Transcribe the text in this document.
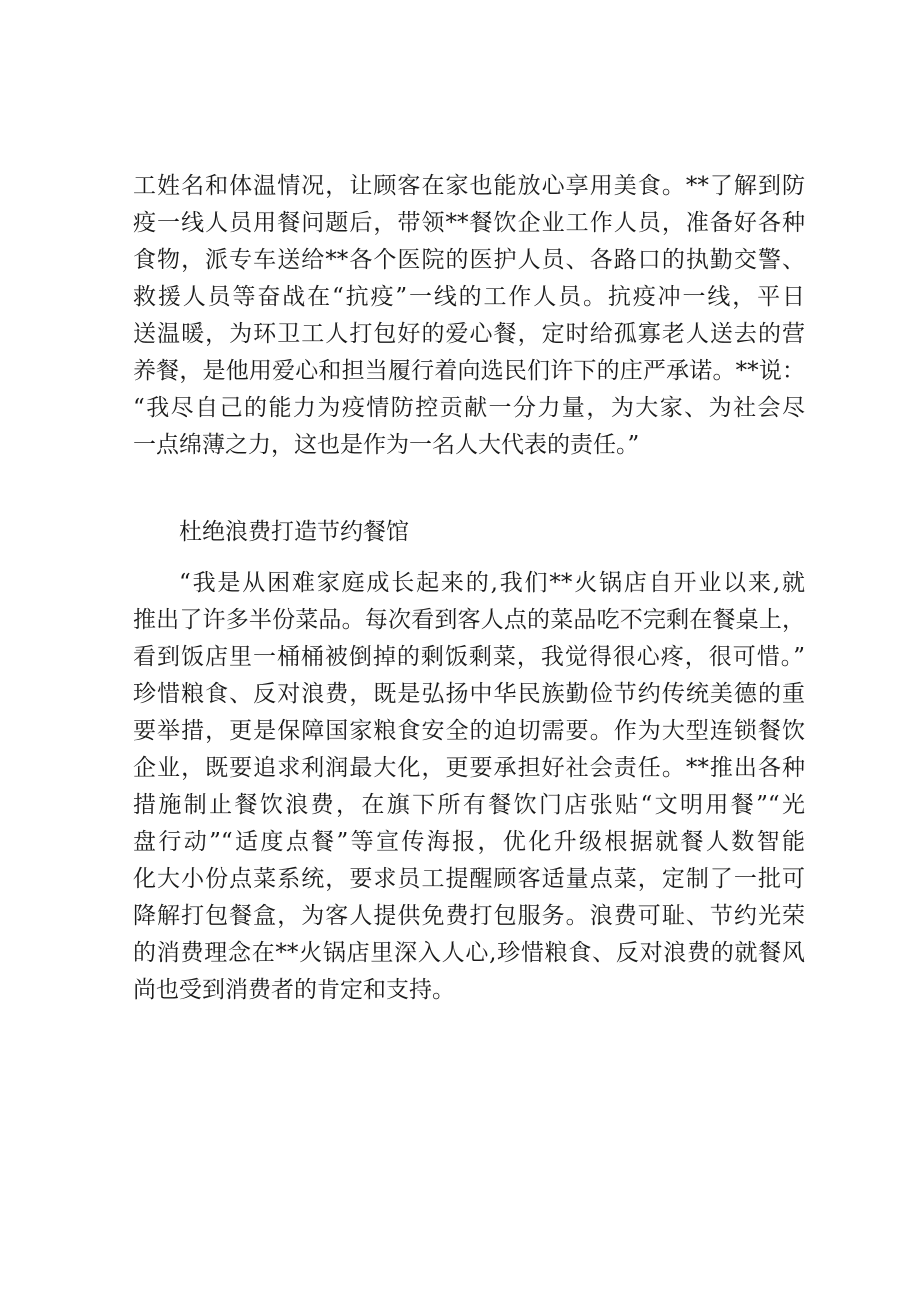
工姓名和体温情况，让顾客在家也能放心享用美食。**了解到防
疫一线人员用餐问题后，带领**餐饮企业工作人员，准备好各种
食物，派专车送给**各个医院的医护人员、各路口的执勤交警、
救援人员等奋战在“抗疫”一线的工作人员。抗疫冲一线，平日
送温暖，为环卫工人打包好的爱心餐，定时给孤寡老人送去的营
养餐，是他用爱心和担当履行着向选民们许下的庄严承诺。**说：
“我尽自己的能力为疫情防控贡献一分力量，为大家、为社会尽
一点绵薄之力，这也是作为一名人大代表的责任。”
杜绝浪费打造节约餐馆
“我是从困难家庭成长起来的,我们**火锅店自开业以来,就
推出了许多半份菜品。每次看到客人点的菜品吃不完剩在餐桌上，
看到饭店里一桶桶被倒掉的剩饭剩菜，我觉得很心疼，很可惜。”
珍惜粮食、反对浪费，既是弘扬中华民族勤俭节约传统美德的重
要举措，更是保障国家粮食安全的迫切需要。作为大型连锁餐饮
企业，既要追求利润最大化，更要承担好社会责任。**推出各种
措施制止餐饮浪费，在旗下所有餐饮门店张贴“文明用餐”“光
盘行动”“适度点餐”等宣传海报，优化升级根据就餐人数智能
化大小份点菜系统，要求员工提醒顾客适量点菜，定制了一批可
降解打包餐盒，为客人提供免费打包服务。浪费可耻、节约光荣
的消费理念在**火锅店里深入人心,珍惜粮食、反对浪费的就餐风
尚也受到消费者的肯定和支持。
